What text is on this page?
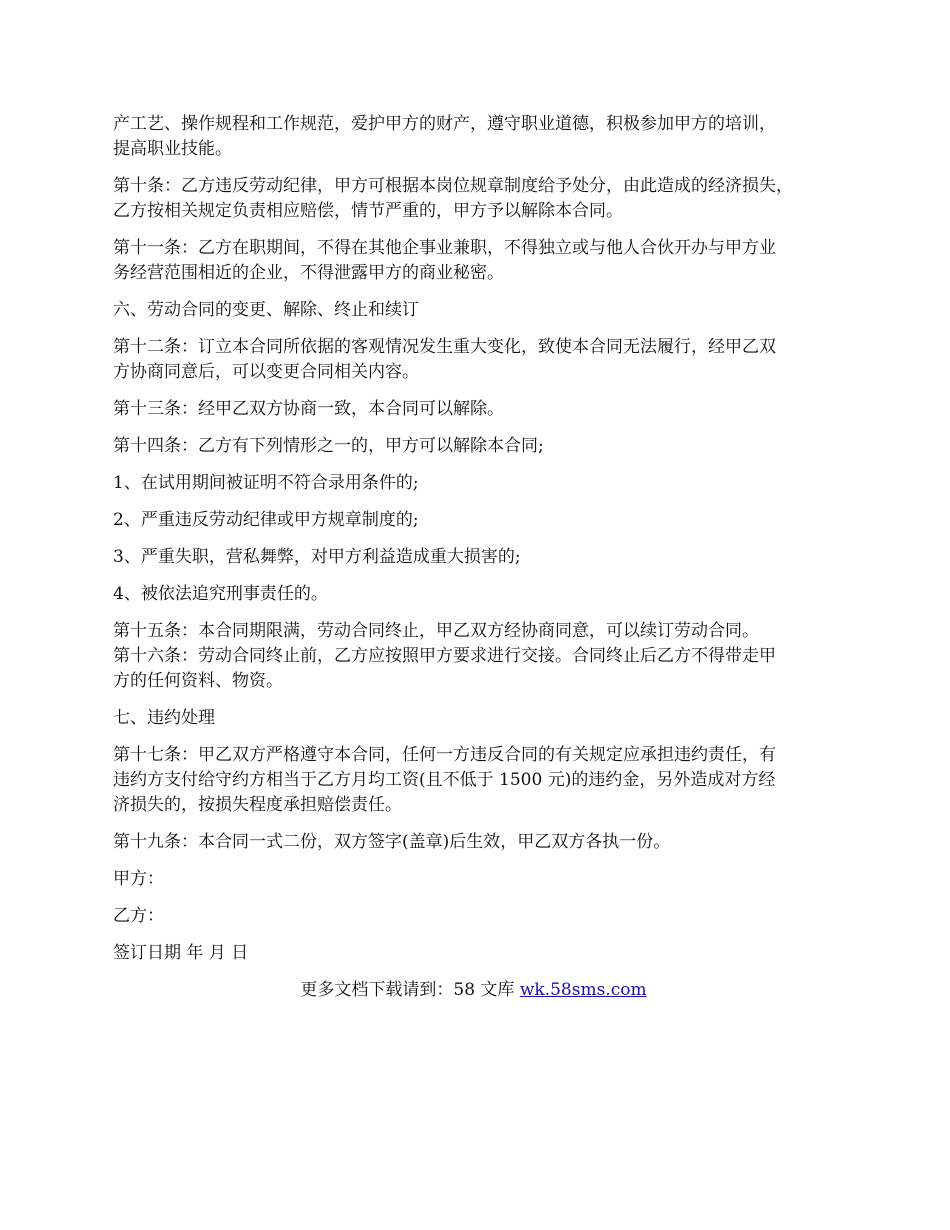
产工艺、操作规程和工作规范，爱护甲方的财产，遵守职业道德，积极参加甲方的培训，
提高职业技能。
第十条：乙方违反劳动纪律，甲方可根据本岗位规章制度给予处分，由此造成的经济损失，
乙方按相关规定负责相应赔偿，情节严重的，甲方予以解除本合同。
第十一条：乙方在职期间，不得在其他企事业兼职，不得独立或与他人合伙开办与甲方业
务经营范围相近的企业，不得泄露甲方的商业秘密。
六、劳动合同的变更、解除、终止和续订
第十二条：订立本合同所依据的客观情况发生重大变化，致使本合同无法履行，经甲乙双
方协商同意后，可以变更合同相关内容。
第十三条：经甲乙双方协商一致，本合同可以解除。
第十四条：乙方有下列情形之一的，甲方可以解除本合同;
1、在试用期间被证明不符合录用条件的;
2、严重违反劳动纪律或甲方规章制度的;
3、严重失职，营私舞弊，对甲方利益造成重大损害的;
4、被依法追究刑事责任的。
第十五条：本合同期限满，劳动合同终止，甲乙双方经协商同意，可以续订劳动合同。
第十六条：劳动合同终止前，乙方应按照甲方要求进行交接。合同终止后乙方不得带走甲
方的任何资料、物资。
七、违约处理
第十七条：甲乙双方严格遵守本合同，任何一方违反合同的有关规定应承担违约责任，有
违约方支付给守约方相当于乙方月均工资(且不低于 1500 元)的违约金，另外造成对方经
济损失的，按损失程度承担赔偿责任。
第十九条：本合同一式二份，双方签字(盖章)后生效，甲乙双方各执一份。
甲方：
乙方：
签订日期 年 月 日
更多文档下载请到：58 文库 wk.58sms.com
